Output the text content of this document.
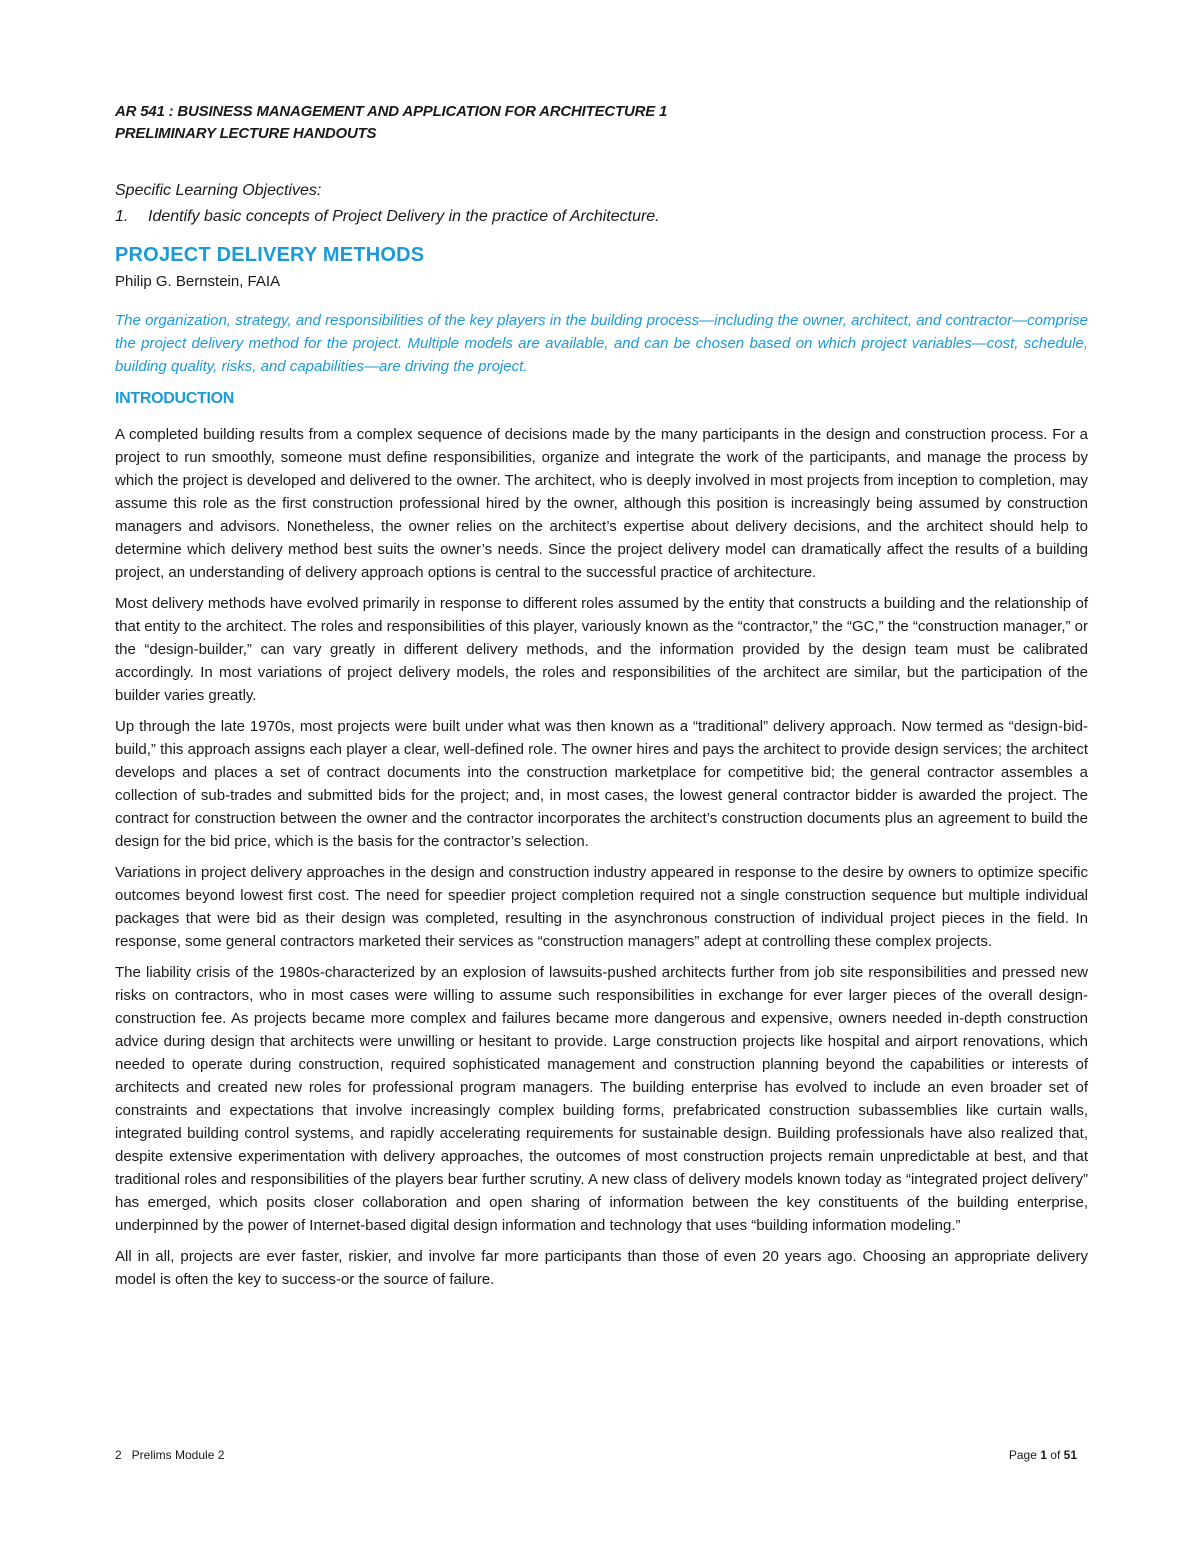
AR 541 : BUSINESS MANAGEMENT AND APPLICATION FOR ARCHITECTURE 1
PRELIMINARY LECTURE HANDOUTS
Specific Learning Objectives:
1.	Identify basic concepts of Project Delivery in the practice of Architecture.
PROJECT DELIVERY METHODS
Philip G. Bernstein, FAIA
The organization, strategy, and responsibilities of the key players in the building process—including the owner, architect, and contractor—comprise the project delivery method for the project. Multiple models are available, and can be chosen based on which project variables—cost, schedule, building quality, risks, and capabilities—are driving the project.
INTRODUCTION

A completed building results from a complex sequence of decisions made by the many participants in the design and construction process. For a project to run smoothly, someone must define responsibilities, organize and integrate the work of the participants, and manage the process by which the project is developed and delivered to the owner. The architect, who is deeply involved in most projects from inception to completion, may assume this role as the first construction professional hired by the owner, although this position is increasingly being assumed by construction managers and advisors. Nonetheless, the owner relies on the architect’s expertise about delivery decisions, and the architect should help to determine which delivery method best suits the owner’s needs. Since the project delivery model can dramatically affect the results of a building project, an understanding of delivery approach options is central to the successful practice of architecture.

Most delivery methods have evolved primarily in response to different roles assumed by the entity that constructs a building and the relationship of that entity to the architect. The roles and responsibilities of this player, variously known as the “contractor,” the “GC,” the “construction manager,” or the “design-builder,” can vary greatly in different delivery methods, and the information provided by the design team must be calibrated accordingly. In most variations of project delivery models, the roles and responsibilities of the architect are similar, but the participation of the builder varies greatly.

Up through the late 1970s, most projects were built under what was then known as a “traditional” delivery approach. Now termed as “design-bid-build,” this approach assigns each player a clear, well-defined role. The owner hires and pays the architect to provide design services; the architect develops and places a set of contract documents into the construction marketplace for competitive bid; the general contractor assembles a collection of sub-trades and submitted bids for the project; and, in most cases, the lowest general contractor bidder is awarded the project. The contract for construction between the owner and the contractor incorporates the architect’s construction documents plus an agreement to build the design for the bid price, which is the basis for the contractor’s selection.

Variations in project delivery approaches in the design and construction industry appeared in response to the desire by owners to optimize specific outcomes beyond lowest first cost. The need for speedier project completion required not a single construction sequence but multiple individual packages that were bid as their design was completed, resulting in the asynchronous construction of individual project pieces in the field. In response, some general contractors marketed their services as “construction managers” adept at controlling these complex projects.

The liability crisis of the 1980s-characterized by an explosion of lawsuits-pushed architects further from job site responsibilities and pressed new risks on contractors, who in most cases were willing to assume such responsibilities in exchange for ever larger pieces of the overall design-construction fee. As projects became more complex and failures became more dangerous and expensive, owners needed in-depth construction advice during design that architects were unwilling or hesitant to provide. Large construction projects like hospital and airport renovations, which needed to operate during construction, required sophisticated management and construction planning beyond the capabilities or interests of architects and created new roles for professional program managers. The building enterprise has evolved to include an even broader set of constraints and expectations that involve increasingly complex building forms, prefabricated construction subassemblies like curtain walls, integrated building control systems, and rapidly accelerating requirements for sustainable design. Building professionals have also realized that, despite extensive experimentation with delivery approaches, the outcomes of most construction projects remain unpredictable at best, and that traditional roles and responsibilities of the players bear further scrutiny. A new class of delivery models known today as “integrated project delivery” has emerged, which posits closer collaboration and open sharing of information between the key constituents of the building enterprise, underpinned by the power of Internet-based digital design information and technology that uses “building information modeling.”

All in all, projects are ever faster, riskier, and involve far more participants than those of even 20 years ago. Choosing an appropriate delivery model is often the key to success-or the source of failure.

2   Prelims Module 2	Page 1 of 51
